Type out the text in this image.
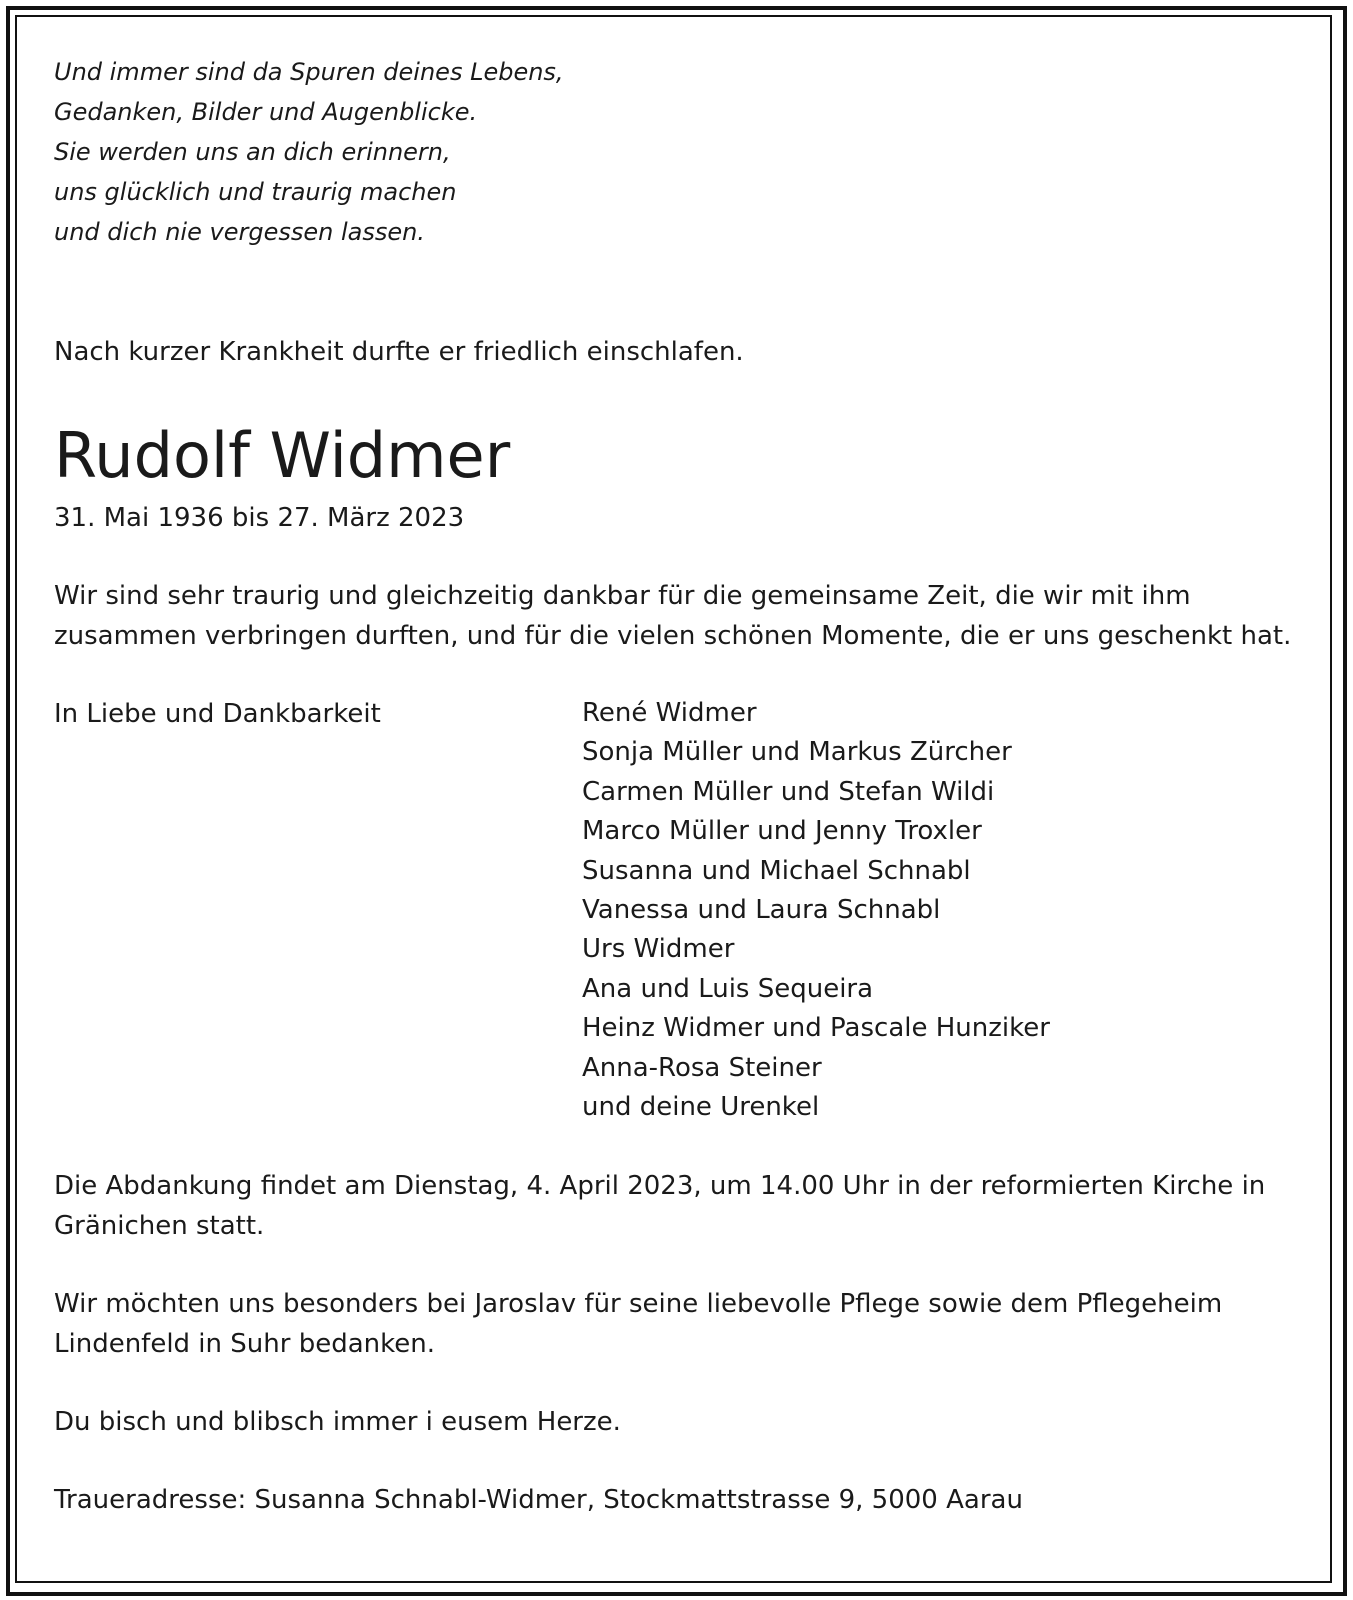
Und immer sind da Spuren deines Lebens,
Gedanken, Bilder und Augenblicke.
Sie werden uns an dich erinnern,
uns glücklich und traurig machen
und dich nie vergessen lassen.
Nach kurzer Krankheit durfte er friedlich einschlafen.
Rudolf Widmer
31. Mai 1936 bis 27. März 2023
Wir sind sehr traurig und gleichzeitig dankbar für die gemeinsame Zeit, die wir mit ihm
zusammen verbringen durften, und für die vielen schönen Momente, die er uns geschenkt hat.
In Liebe und Dankbarkeit	René Widmer
Sonja Müller und Markus Zürcher
Carmen Müller und Stefan Wildi
Marco Müller und Jenny Troxler
Susanna und Michael Schnabl
Vanessa und Laura Schnabl
Urs Widmer
Ana und Luis Sequeira
Heinz Widmer und Pascale Hunziker
Anna-Rosa Steiner
und deine Urenkel
Die Abdankung findet am Dienstag, 4. April 2023, um 14.00 Uhr in der reformierten Kirche in
Gränichen statt.
Wir möchten uns besonders bei Jaroslav für seine liebevolle Pflege sowie dem Pflegeheim
Lindenfeld in Suhr bedanken.
Du bisch und blibsch immer i eusem Herze.
Traueradresse: Susanna Schnabl-Widmer, Stockmattstrasse 9, 5000 Aarau
